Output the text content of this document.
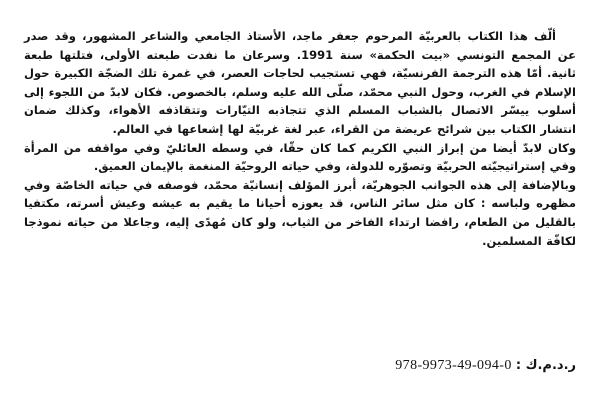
ألّف هذا الكتاب بالعربيّة المرحوم جعفر ماجد، الأستاذ الجامعي والشاعر المشهور، وقد صدر عن المجمع التونسي «بيت الحكمة» سنة 1991. وسرعان ما نفدت طبعته الأولى، فتلتها طبعة ثانية. أمّا هذه الترجمة الفرنسيّة، فهي تستجيب لحاجات العصر، في غمرة تلك الضجّة الكبيرة حول الإسلام في الغرب، وحول النبي محمّد، صلّى الله عليه وسلم، بالخصوص. فكان لابدّ من اللجوء إلى أسلوب ييسّر الاتصال بالشباب المسلم الذي تتجاذبه التيّارات وتتقاذفه الأهواء، وكذلك ضمان انتشار الكتاب بين شرائح عريضة من القراء، عبر لغة غربيّة لها إشعاعها في العالم.

وكان لابدّ أيضا من إبراز النبي الكريم كما كان حقّا، في وسطه العائليّ وفي مواقفه من المرأة وفي إستراتيجيّته الحربيّة وتصوّره للدولة، وفي حياته الروحيّة المنغمة بالإيمان العميق.

وبالإضافة إلى هذه الجوانب الجوهريّة، أبرز المؤلف إنسانيّة محمّد، فوصفه في حياته الخاصّة وفي مظهره ولباسه : كان مثل سائر الناس، قد يعوزه أحيانا ما يقيم به عيشه وعيش أسرته، مكتفيا بالقليل من الطعام، رافضا ارتداء الفاخر من الثياب، ولو كان مُهدًى إليه، وجاعلا من حياته نموذجا لكافّة المسلمين.

ر.د.م.ك : 978-9973-49-094-0
